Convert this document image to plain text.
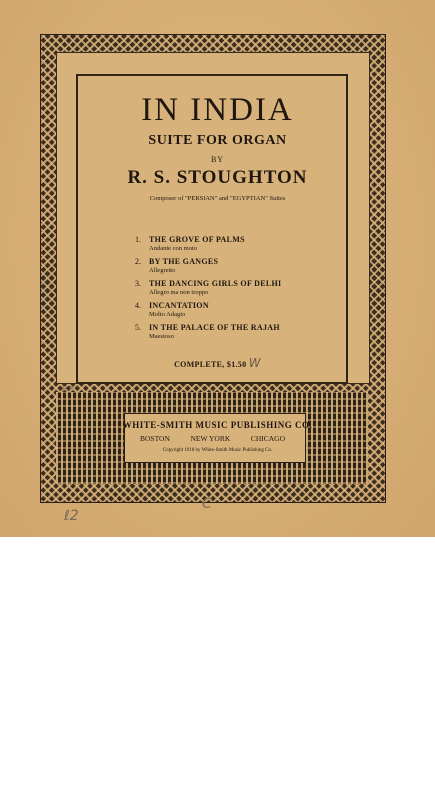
IN INDIA
SUITE FOR ORGAN
BY
R. S. STOUGHTON
Composer of "PERSIAN" and "EGYPTIAN" Suites
1. THE GROVE OF PALMS
Andante con moto
2. BY THE GANGES
Allegretto
3. THE DANCING GIRLS OF DELHI
Allegro ma non troppo
4. INCANTATION
Molto Adagio
5. IN THE PALACE OF THE RAJAH
Maestoso
COMPLETE, $1.50 W
WHITE-SMITH MUSIC PUBLISHING CO.
BOSTON	NEW YORK	CHICAGO
Copyright 1918 by White-Smith Music Publishing Co.
B.P.
ℓ2
C
